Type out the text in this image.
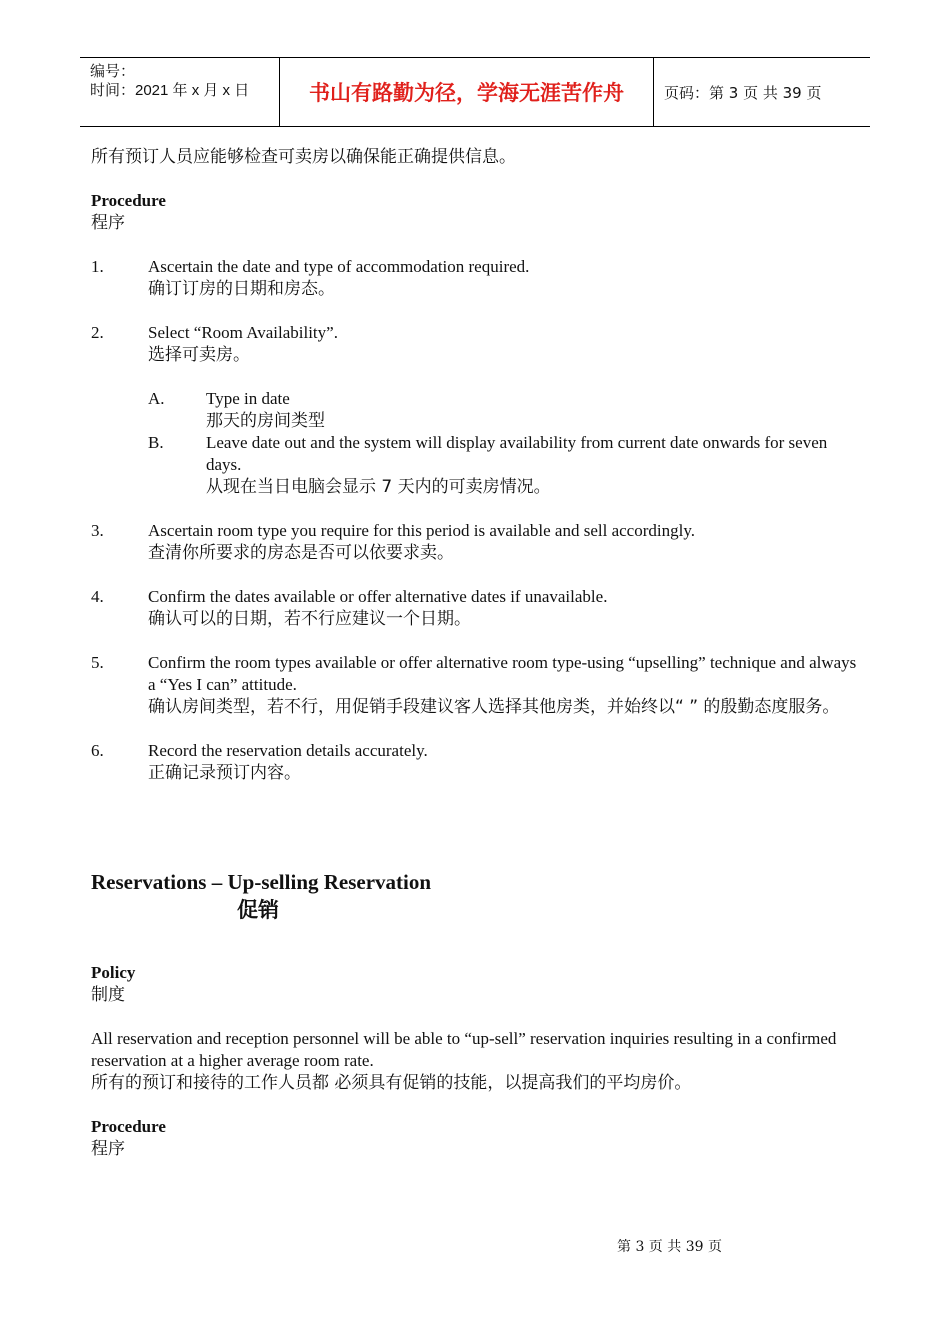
编号：
时间：2021 年 x 月 x 日	书山有路勤为径，学海无涯苦作舟	页码：第 3 页 共 39 页

所有预订人员应能够检查可卖房以确保能正确提供信息。

Procedure

程序

1.	Ascertain the date and type of accommodation required.

确订订房的日期和房态。

2.	Select “Room Availability”.

选择可卖房。

A.	Type in date

那天的房间类型

B.	Leave date out and the system will display availability from current date onwards for seven days.

从现在当日电脑会显示 7 天内的可卖房情况。

3.	Ascertain room type you require for this period is available and sell accordingly.

查清你所要求的房态是否可以依要求卖。

4.	Confirm the dates available or offer alternative dates if unavailable.

确认可以的日期，若不行应建议一个日期。

5.	Confirm the room types available or offer alternative room type-using “upselling” technique and always a “Yes I can” attitude.

确认房间类型，若不行，用促销手段建议客人选择其他房类，并始终以“ ” 的殷勤态度服务。

6.	Record the reservation details accurately.

正确记录预订内容。

Reservations – Up-selling Reservation

促销

Policy

制度

All reservation and reception personnel will be able to “up-sell” reservation inquiries resulting in a confirmed reservation at a higher average room rate.

所有的预订和接待的工作人员都 必须具有促销的技能，以提高我们的平均房价。

Procedure

程序

第 3 页 共 39 页
